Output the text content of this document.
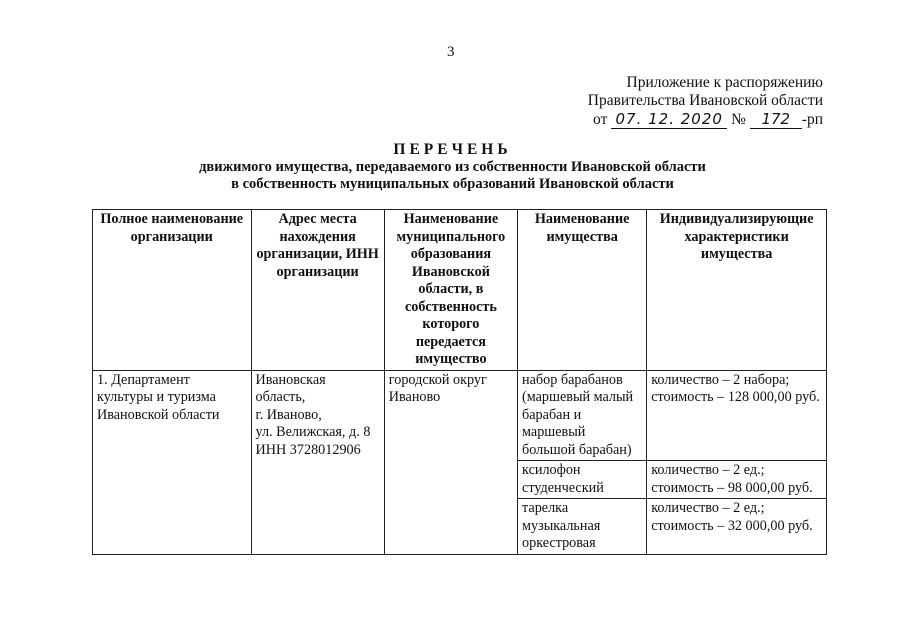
3
Приложение к распоряжению
Правительства Ивановской области
от 07. 12. 2020 № 172 -рп
ПЕРЕЧЕНЬ
движимого имущества, передаваемого из собственности Ивановской области
в собственность муниципальных образований Ивановской области
Полное наименование организации	Адрес места нахождения организации, ИНН организации	Наименование муниципального образования Ивановской области, в собственность которого передается имущество	Наименование имущества	Индивидуализирующие характеристики имущества

1. Департамент культуры и туризма Ивановской области	Ивановская
область,
г. Иваново,
ул. Велижская, д. 8
ИНН 3728012906	городской округ
Иваново	набор барабанов
(маршевый малый
барабан и
маршевый
большой барабан)	количество – 2 набора;
стоимость – 128 000,00 руб.

			ксилофон
студенческий	количество – 2 ед.;
стоимость – 98 000,00 руб.

			тарелка
музыкальная
оркестровая	количество – 2 ед.;
стоимость – 32 000,00 руб.
